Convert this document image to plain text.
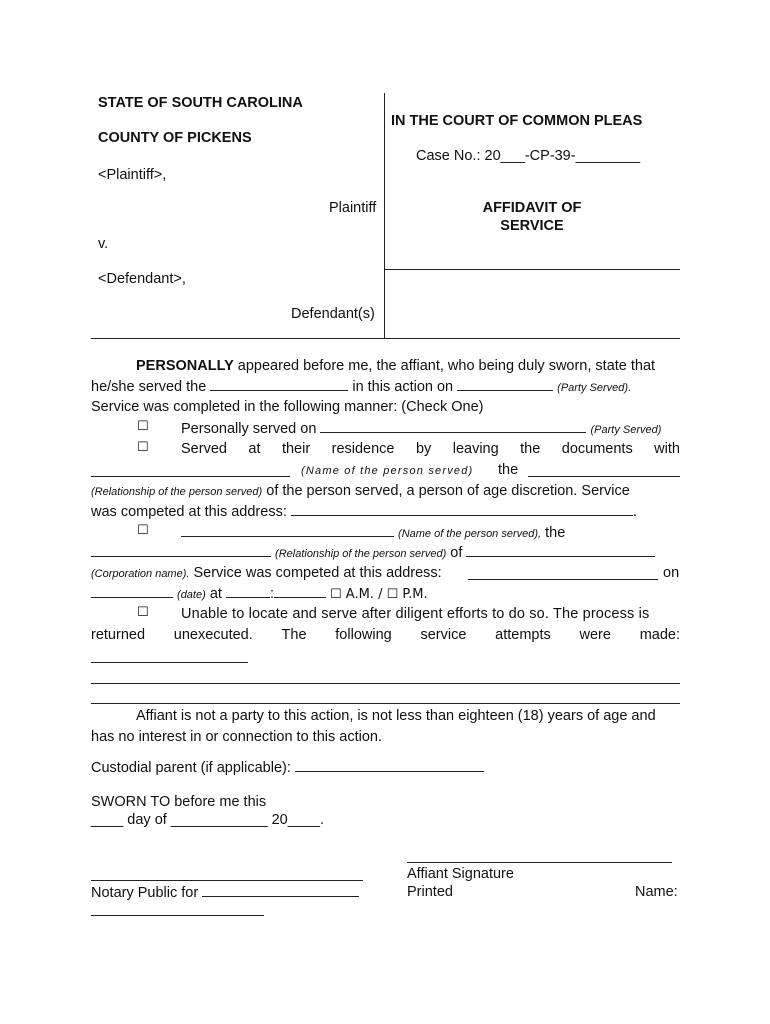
STATE OF SOUTH CAROLINA
COUNTY OF PICKENS
<Plaintiff>,
Plaintiff
v.
<Defendant>,
Defendant(s)
IN THE COURT OF COMMON PLEAS
Case No.: 20___-CP-39-________
AFFIDAVIT OF
SERVICE
PERSONALLY appeared before me, the affiant, who being duly sworn, state that
he/she served the	in this action on	(Party Served).
Service was completed in the following manner: (Check One)
☐ Personally served on	(Party Served)
☐ Served at their residence by leaving the documents with
(Name of the person served) the
(Relationship of the person served) of the person served, a person of age discretion. Service
was competed at this address:	.
☐	(Name of the person served), the
(Relationship of the person served) of
(Corporation name). Service was competed at this address:	on
(date) at	:	☐ A.M. / ☐ P.M.
☐ Unable to locate and serve after diligent efforts to do so. The process is
returned unexecuted. The following service attempts were made:
Affiant is not a party to this action, is not less than eighteen (18) years of age and
has no interest in or connection to this action.
Custodial parent (if applicable):
SWORN TO before me this
____ day of ____________ 20____.
Notary Public for
Affiant Signature
Printed	Name:
